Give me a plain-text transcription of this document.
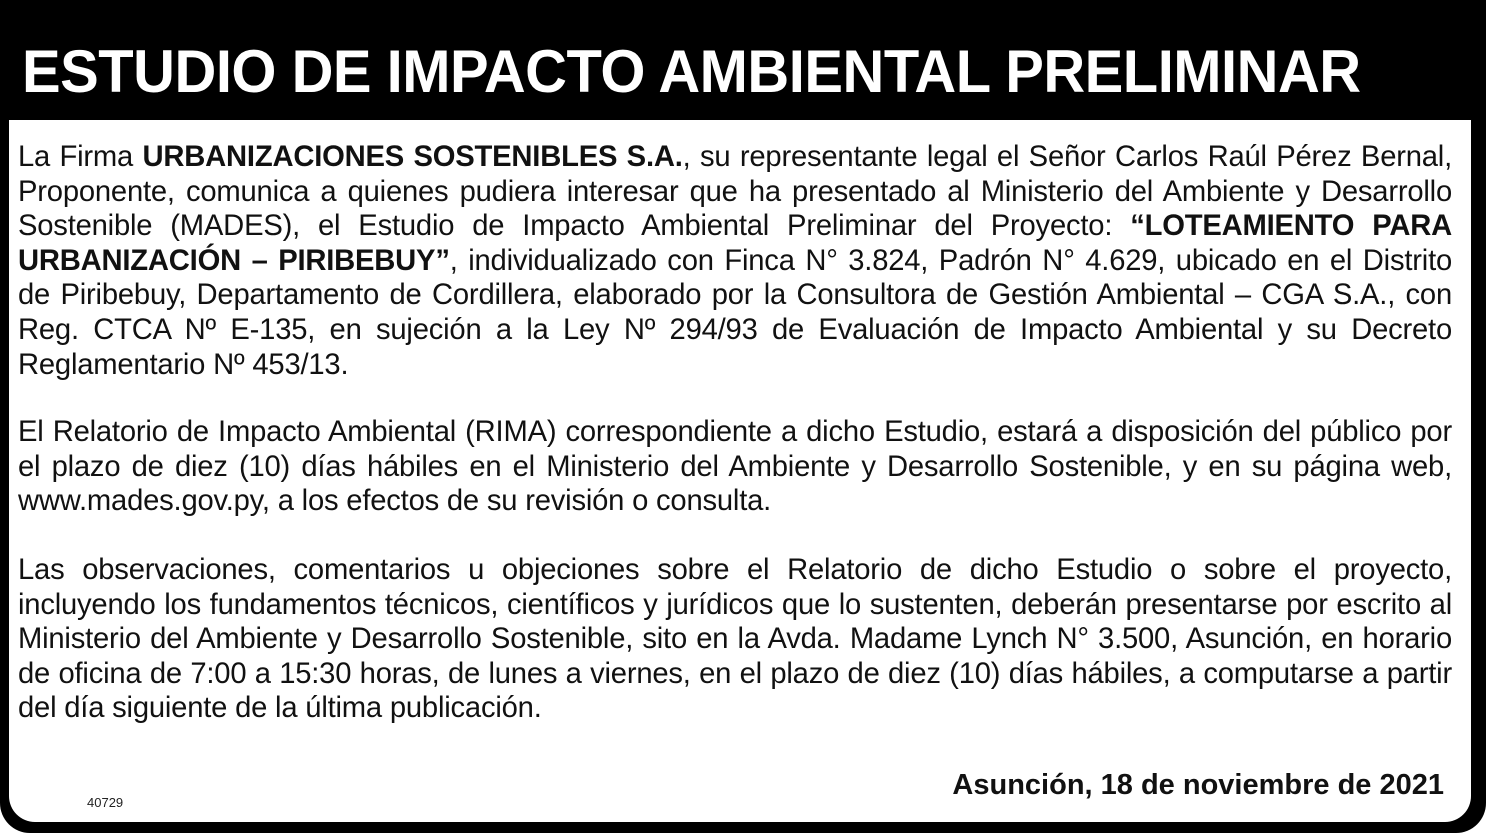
ESTUDIO DE IMPACTO AMBIENTAL PRELIMINAR

La Firma URBANIZACIONES SOSTENIBLES S.A., su representante legal el Señor Carlos Raúl Pérez Bernal, Proponente, comunica a quienes pudiera interesar que ha presentado al Ministerio del Ambiente y Desarrollo Sostenible (MADES), el Estudio de Impacto Ambiental Preliminar del Proyecto: “LOTEAMIENTO PARA URBANIZACIÓN – PIRIBEBUY”, individualizado con Finca N° 3.824, Padrón N° 4.629, ubicado en el Distrito de Piribebuy, Departamento de Cordillera, elaborado por la Consultora de Gestión Ambiental – CGA S.A., con Reg. CTCA Nº E-135, en sujeción a la Ley Nº 294/93 de Evaluación de Impacto Ambiental y su Decreto Reglamentario Nº 453/13.

El Relatorio de Impacto Ambiental (RIMA) correspondiente a dicho Estudio, estará a disposición del público por el plazo de diez (10) días hábiles en el Ministerio del Ambiente y Desarrollo Sostenible, y en su página web, www.mades.gov.py, a los efectos de su revisión o consulta.

Las observaciones, comentarios u objeciones sobre el Relatorio de dicho Estudio o sobre el proyecto, incluyendo los fundamentos técnicos, científicos y jurídicos que lo sustenten, deberán presentarse por escrito al Ministerio del Ambiente y Desarrollo Sostenible, sito en la Avda. Madame Lynch N° 3.500, Asunción, en horario de oficina de 7:00 a 15:30 horas, de lunes a viernes, en el plazo de diez (10) días hábiles, a computarse a partir del día siguiente de la última publicación.

Asunción, 18 de noviembre de 2021

40729
